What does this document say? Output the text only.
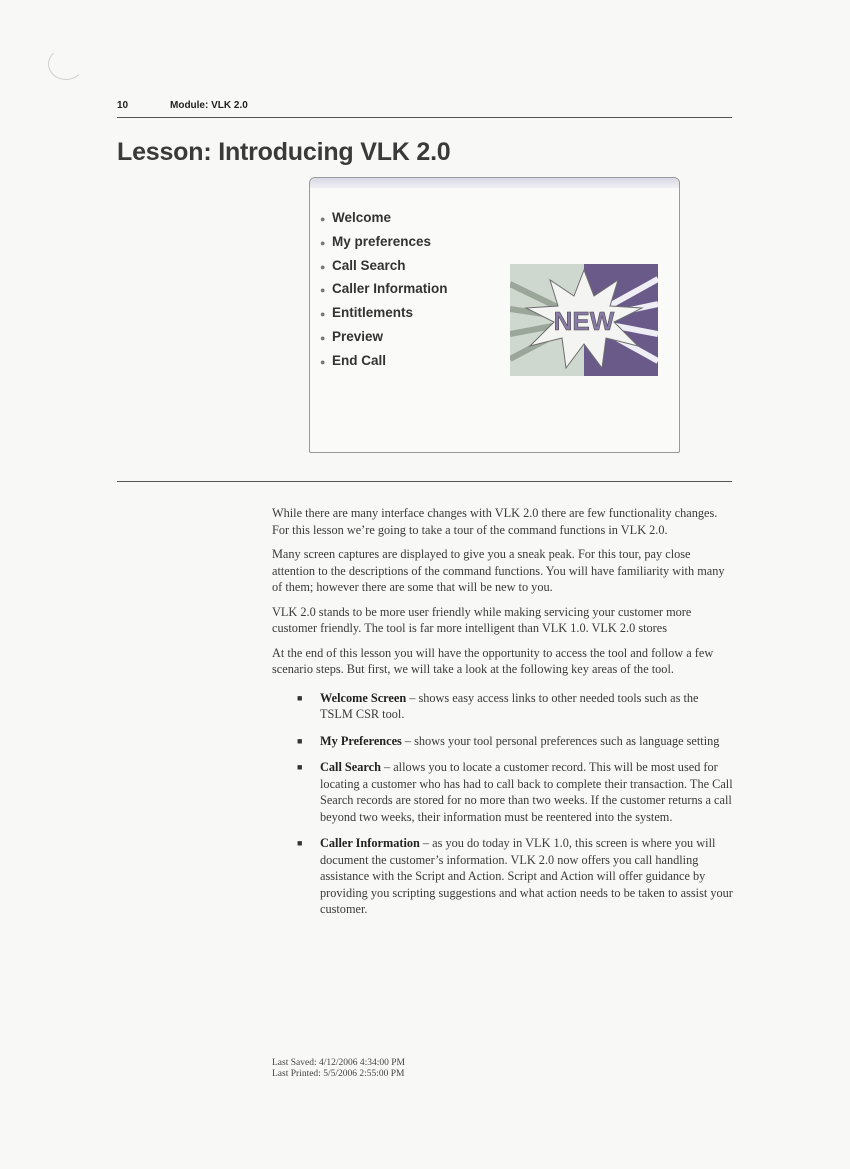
10	Module: VLK 2.0
Lesson: Introducing VLK 2.0
● Welcome
● My preferences
● Call Search
● Caller Information
● Entitlements
● Preview
● End Call
NEW

While there are many interface changes with VLK 2.0 there are few functionality changes. For this lesson we’re going to take a tour of the command functions in VLK 2.0.

Many screen captures are displayed to give you a sneak peak. For this tour, pay close attention to the descriptions of the command functions. You will have familiarity with many of them; however there are some that will be new to you.

VLK 2.0 stands to be more user friendly while making servicing your customer more customer friendly. The tool is far more intelligent than VLK 1.0. VLK 2.0 stores

At the end of this lesson you will have the opportunity to access the tool and follow a few scenario steps. But first, we will take a look at the following key areas of the tool.

■ Welcome Screen – shows easy access links to other needed tools such as the TSLM CSR tool.
■ My Preferences – shows your tool personal preferences such as language setting
■ Call Search – allows you to locate a customer record. This will be most used for locating a customer who has had to call back to complete their transaction. The Call Search records are stored for no more than two weeks. If the customer returns a call beyond two weeks, their information must be reentered into the system.
■ Caller Information – as you do today in VLK 1.0, this screen is where you will document the customer’s information. VLK 2.0 now offers you call handling assistance with the Script and Action. Script and Action will offer guidance by providing you scripting suggestions and what action needs to be taken to assist your customer.
Last Saved: 4/12/2006 4:34:00 PM
Last Printed: 5/5/2006 2:55:00 PM
